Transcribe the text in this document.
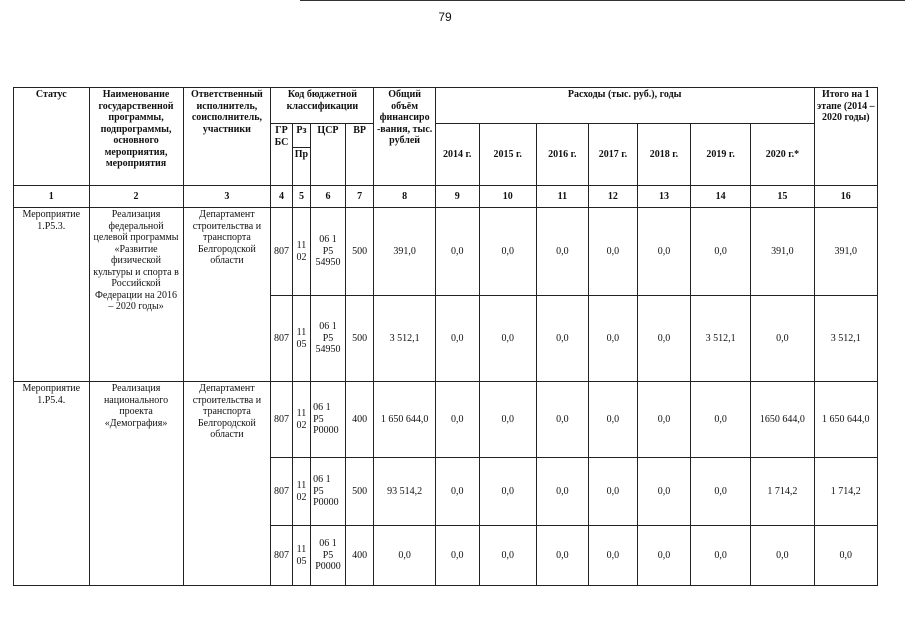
79
Статус	Наименование государственной программы, подпрограммы, основного мероприятия, мероприятия	Ответственный исполнитель, соисполнитель, участники	Код бюджетной классификации				Общий объём финансиро -вания, тыс. рублей	Расходы (тыс. руб.), годы							Итого на 1 этапе (2014 – 2020 годы)
			ГР БС	Рз	ЦСР	ВР		2014 г.	2015 г.	2016 г.	2017 г.	2018 г.	2019 г.	2020 г.*	
				Пр											
1	2	3	4	5	6	7	8	9	10	11	12	13	14	15	16
Мероприятие 1.Р5.3.	Реализация федеральной целевой программы «Развитие физической культуры и спорта в Российской Федерации на 2016 – 2020 годы»	Департамент строительства и транспорта Белгородской области	807	11 02	06 1 Р5 54950	500	391,0	0,0	0,0	0,0	0,0	0,0	0,0	391,0	391,0
			807	11 05	06 1 Р5 54950	500	3 512,1	0,0	0,0	0,0	0,0	0,0	3 512,1	0,0	3 512,1
Мероприятие 1.Р5.4.	Реализация национального проекта «Демография»	Департамент строительства и транспорта Белгородской области	807	11 02	06 1 Р5 Р0000	400	1 650 644,0	0,0	0,0	0,0	0,0	0,0	0,0	1650 644,0	1 650 644,0
			807	11 02	06 1 Р5 Р0000	500	93 514,2	0,0	0,0	0,0	0,0	0,0	0,0	1 714,2	1 714,2
			807	11 05	06 1 Р5 Р0000	400	0,0	0,0	0,0	0,0	0,0	0,0	0,0	0,0	0,0
